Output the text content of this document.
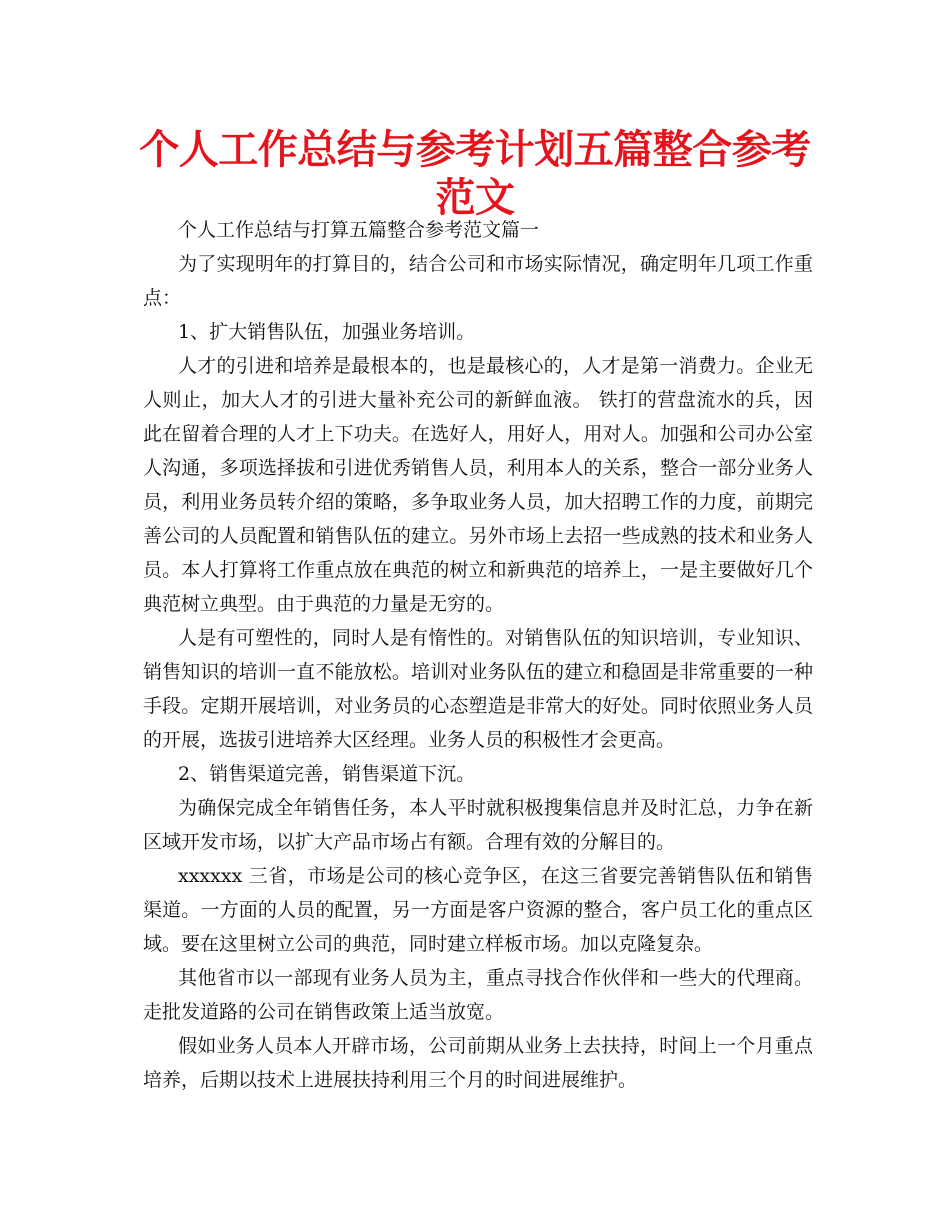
个人工作总结与参考计划五篇整合参考范文

个人工作总结与打算五篇整合参考范文篇一

为了实现明年的打算目的，结合公司和市场实际情况，确定明年几项工作重点：

1、扩大销售队伍，加强业务培训。

人才的引进和培养是最根本的，也是最核心的，人才是第一消费力。企业无人则止，加大人才的引进大量补充公司的新鲜血液。 铁打的营盘流水的兵，因此在留着合理的人才上下功夫。在选好人，用好人，用对人。加强和公司办公室人沟通，多项选择拔和引进优秀销售人员，利用本人的关系，整合一部分业务人员，利用业务员转介绍的策略，多争取业务人员，加大招聘工作的力度，前期完善公司的人员配置和销售队伍的建立。另外市场上去招一些成熟的技术和业务人员。本人打算将工作重点放在典范的树立和新典范的培养上，一是主要做好几个典范树立典型。由于典范的力量是无穷的。

人是有可塑性的，同时人是有惰性的。对销售队伍的知识培训，专业知识、销售知识的培训一直不能放松。培训对业务队伍的建立和稳固是非常重要的一种手段。定期开展培训，对业务员的心态塑造是非常大的好处。同时依照业务人员的开展，选拔引进培养大区经理。业务人员的积极性才会更高。

2、销售渠道完善，销售渠道下沉。

为确保完成全年销售任务，本人平时就积极搜集信息并及时汇总，力争在新区域开发市场，以扩大产品市场占有额。合理有效的分解目的。

xxxxxx 三省，市场是公司的核心竞争区，在这三省要完善销售队伍和销售渠道。一方面的人员的配置，另一方面是客户资源的整合，客户员工化的重点区域。要在这里树立公司的典范，同时建立样板市场。加以克隆复杂。

其他省市以一部现有业务人员为主，重点寻找合作伙伴和一些大的代理商。走批发道路的公司在销售政策上适当放宽。

假如业务人员本人开辟市场，公司前期从业务上去扶持，时间上一个月重点培养，后期以技术上进展扶持利用三个月的时间进展维护。
